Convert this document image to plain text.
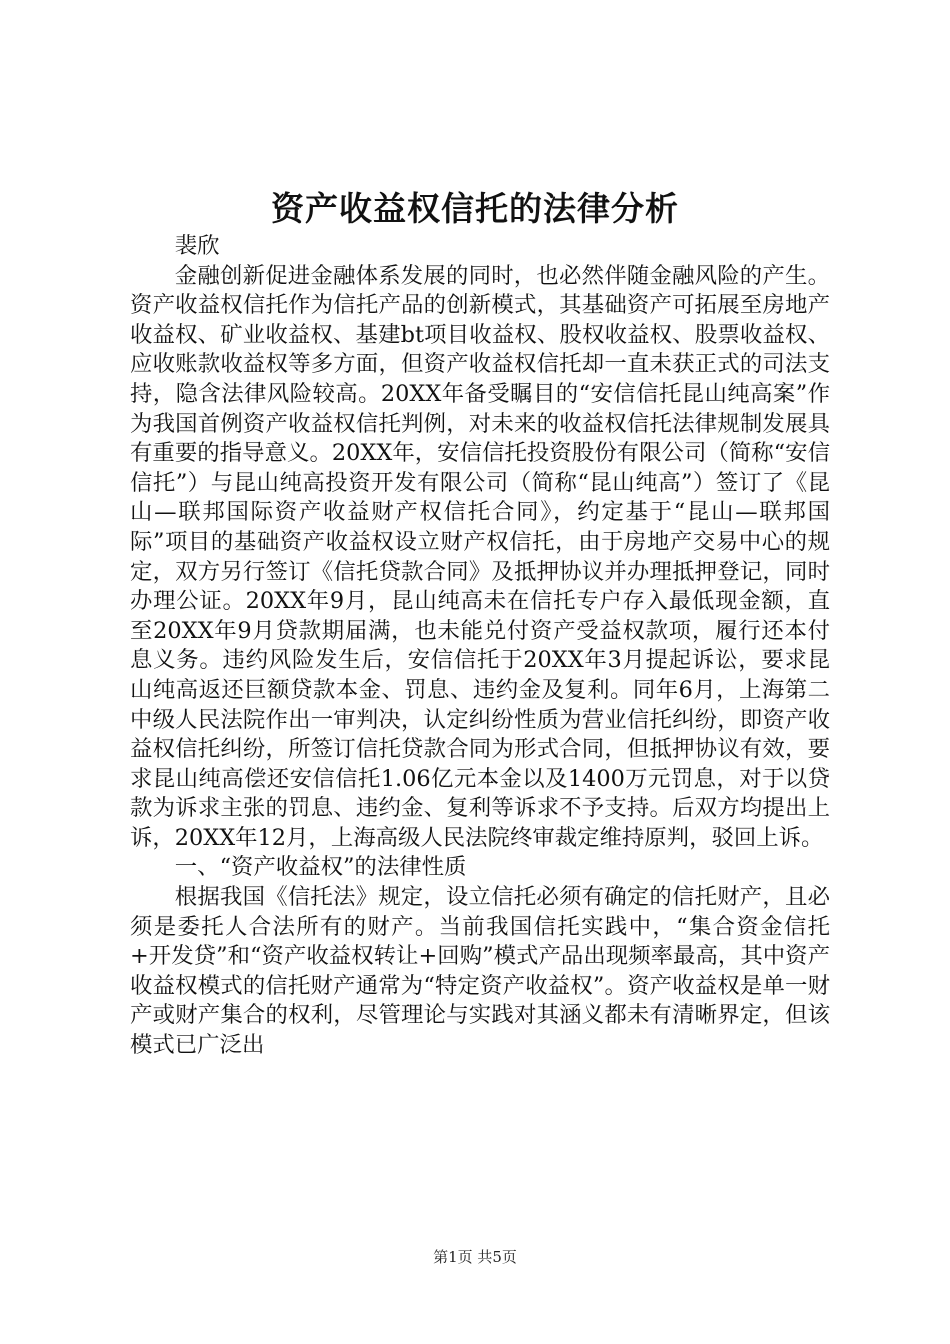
资产收益权信托的法律分析

裴欣

金融创新促进金融体系发展的同时，也必然伴随金融风险的产生。资产收益权信托作为信托产品的创新模式，其基础资产可拓展至房地产收益权、矿业收益权、基建bt项目收益权、股权收益权、股票收益权、应收账款收益权等多方面，但资产收益权信托却一直未获正式的司法支持，隐含法律风险较高。20XX年备受瞩目的“安信信托昆山纯高案”作为我国首例资产收益权信托判例，对未来的收益权信托法律规制发展具有重要的指导意义。20XX年，安信信托投资股份有限公司（简称“安信信托”）与昆山纯高投资开发有限公司（简称“昆山纯高”）签订了《昆山—联邦国际资产收益财产权信托合同》，约定基于“昆山—联邦国际”项目的基础资产收益权设立财产权信托，由于房地产交易中心的规定，双方另行签订《信托贷款合同》及抵押协议并办理抵押登记，同时办理公证。20XX年9月，昆山纯高未在信托专户存入最低现金额，直至20XX年9月贷款期届满，也未能兑付资产受益权款项，履行还本付息义务。违约风险发生后，安信信托于20XX年3月提起诉讼，要求昆山纯高返还巨额贷款本金、罚息、违约金及复利。同年6月，上海第二中级人民法院作出一审判决，认定纠纷性质为营业信托纠纷，即资产收益权信托纠纷，所签订信托贷款合同为形式合同，但抵押协议有效，要求昆山纯高偿还安信信托1.06亿元本金以及1400万元罚息，对于以贷款为诉求主张的罚息、违约金、复利等诉求不予支持。后双方均提出上诉，20XX年12月，上海高级人民法院终审裁定维持原判，驳回上诉。

一、“资产收益权”的法律性质

根据我国《信托法》规定，设立信托必须有确定的信托财产，且必须是委托人合法所有的财产。当前我国信托实践中，“集合资金信托+开发贷”和“资产收益权转让+回购”模式产品出现频率最高，其中资产收益权模式的信托财产通常为“特定资产收益权”。资产收益权是单一财产或财产集合的权利，尽管理论与实践对其涵义都未有清晰界定，但该模式已广泛出

第1页 共5页
